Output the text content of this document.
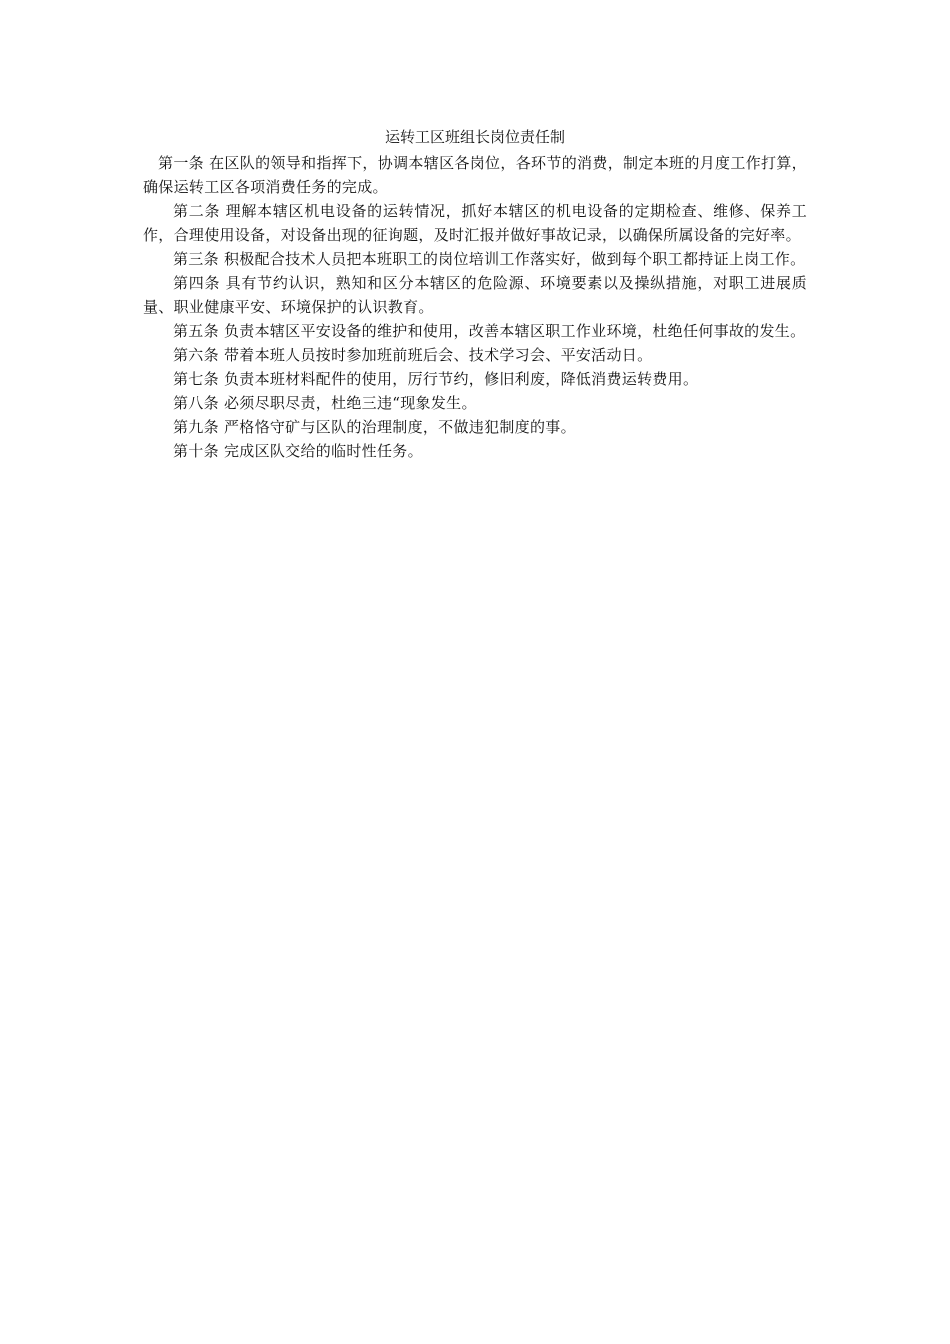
运转工区班组长岗位责任制

第一条 在区队的领导和指挥下，协调本辖区各岗位，各环节的消费，制定本班的月度工作打算，确保运转工区各项消费任务的完成。

第二条 理解本辖区机电设备的运转情况，抓好本辖区的机电设备的定期检查、维修、保养工作，合理使用设备，对设备出现的征询题，及时汇报并做好事故记录，以确保所属设备的完好率。

第三条 积极配合技术人员把本班职工的岗位培训工作落实好，做到每个职工都持证上岗工作。

第四条 具有节约认识，熟知和区分本辖区的危险源、环境要素以及操纵措施，对职工进展质量、职业健康平安、环境保护的认识教育。

第五条 负责本辖区平安设备的维护和使用，改善本辖区职工作业环境，杜绝任何事故的发生。

第六条 带着本班人员按时参加班前班后会、技术学习会、平安活动日。

第七条 负责本班材料配件的使用，厉行节约，修旧利废，降低消费运转费用。

第八条 必须尽职尽责，杜绝三违“现象发生。

第九条 严格恪守矿与区队的治理制度，不做违犯制度的事。

第十条 完成区队交给的临时性任务。
